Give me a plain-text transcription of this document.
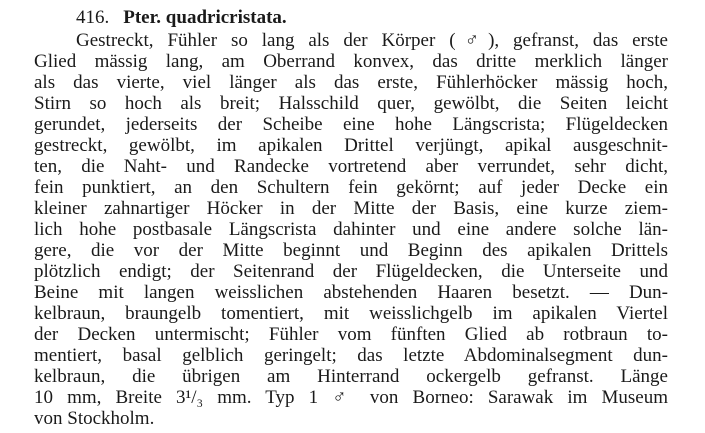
416. Pter. quadricristata.
Gestreckt, Fühler so lang als der Körper (♂), gefranst, das erste
Glied mässig lang, am Oberrand konvex, das dritte merklich länger
als das vierte, viel länger als das erste, Fühlerhöcker mässig hoch,
Stirn so hoch als breit; Halsschild quer, gewölbt, die Seiten leicht
gerundet, jederseits der Scheibe eine hohe Längscrista; Flügeldecken
gestreckt, gewölbt, im apikalen Drittel verjüngt, apikal ausgeschnit-
ten, die Naht- und Randecke vortretend aber verrundet, sehr dicht,
fein punktiert, an den Schultern fein gekörnt; auf jeder Decke ein
kleiner zahnartiger Höcker in der Mitte der Basis, eine kurze ziem-
lich hohe postbasale Längscrista dahinter und eine andere solche län-
gere, die vor der Mitte beginnt und Beginn des apikalen Drittels
plötzlich endigt; der Seitenrand der Flügeldecken, die Unterseite und
Beine mit langen weisslichen abstehenden Haaren besetzt. — Dun-
kelbraun, braungelb tomentiert, mit weisslichgelb im apikalen Viertel
der Decken untermischt; Fühler vom fünften Glied ab rotbraun to-
mentiert, basal gelblich geringelt; das letzte Abdominalsegment dun-
kelbraun, die übrigen am Hinterrand ockergelb gefranst. Länge
10 mm, Breite 3¹/₃ mm. Typ 1 ♂ von Borneo: Sarawak im Museum
von Stockholm.
